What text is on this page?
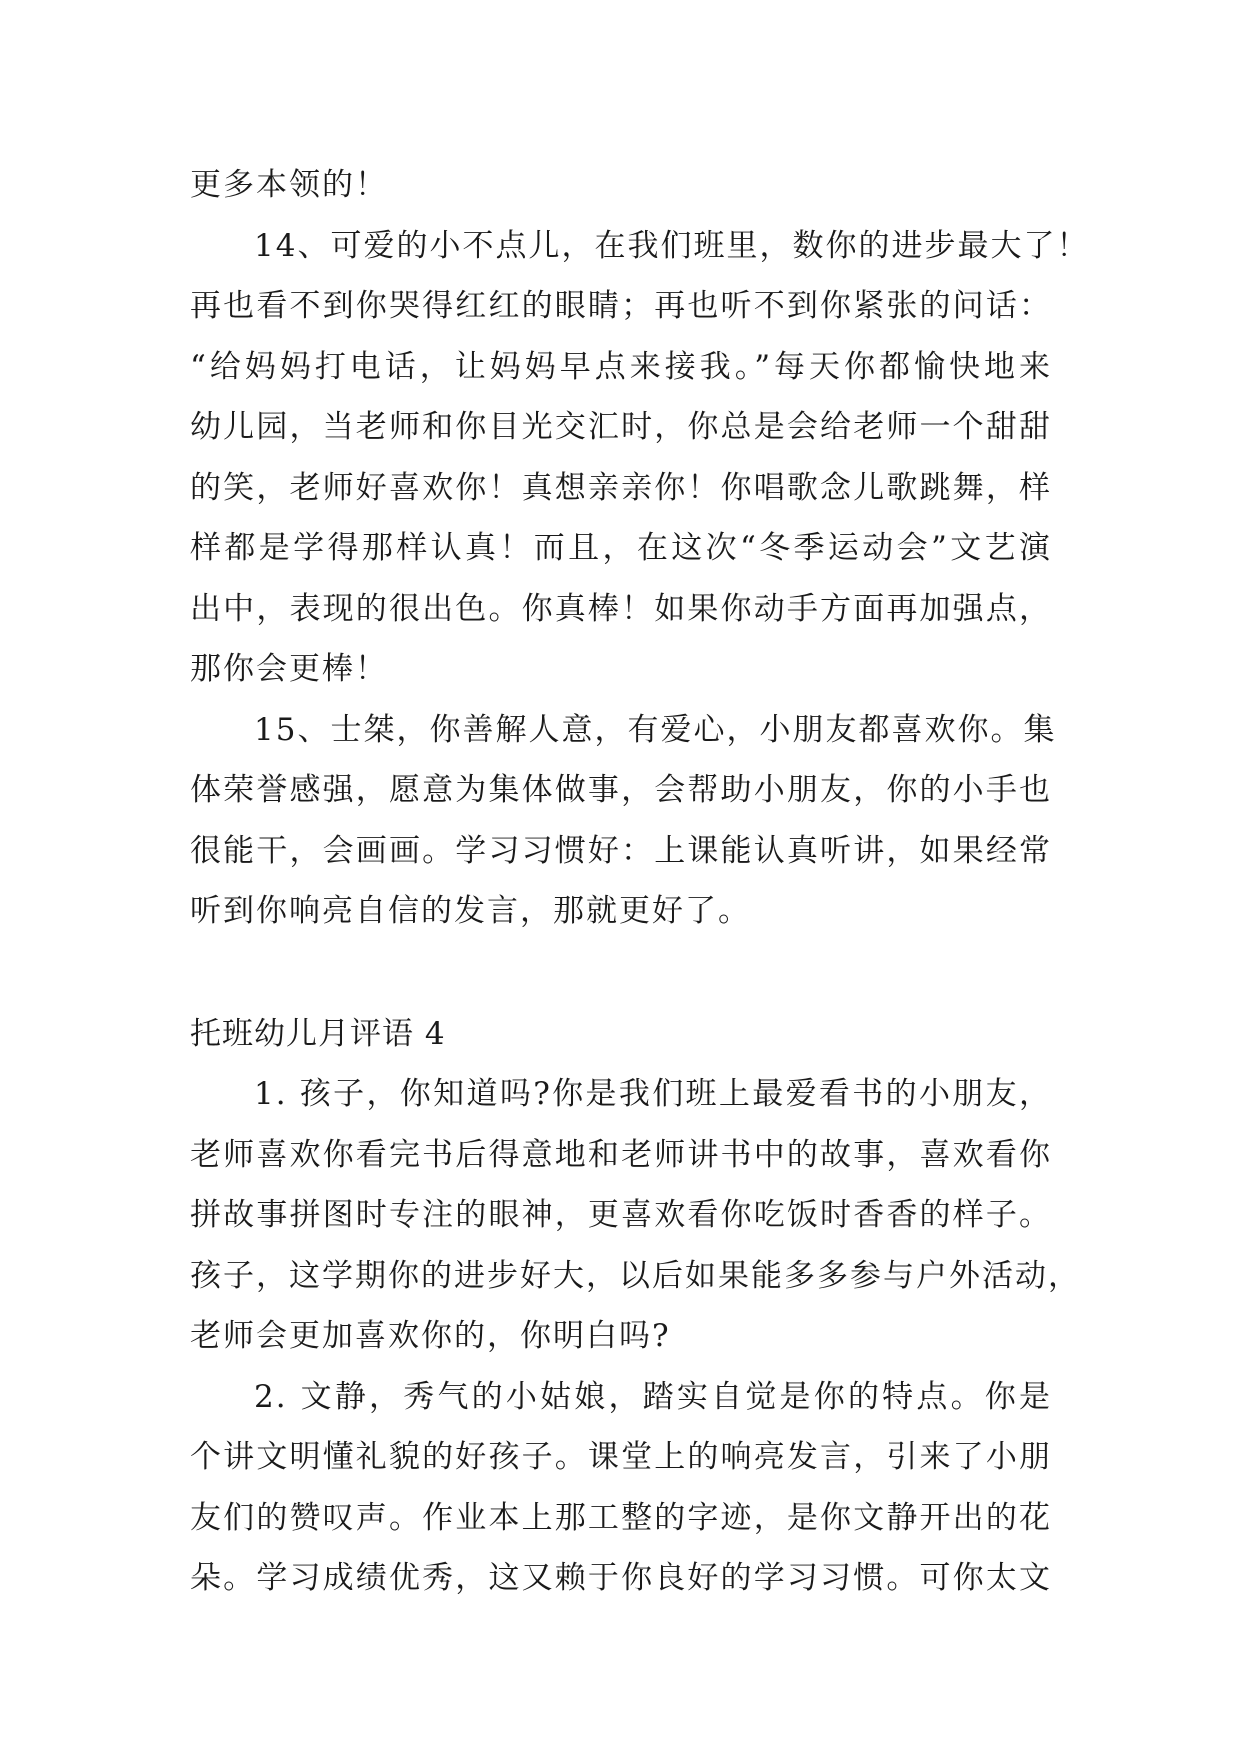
更多本领的！
14、可爱的小不点儿，在我们班里，数你的进步最大了！
再也看不到你哭得红红的眼睛；再也听不到你紧张的问话：
“给妈妈打电话，让妈妈早点来接我。”每天你都愉快地来
幼儿园，当老师和你目光交汇时，你总是会给老师一个甜甜
的笑，老师好喜欢你！真想亲亲你！你唱歌念儿歌跳舞，样
样都是学得那样认真！而且，在这次“冬季运动会”文艺演
出中，表现的很出色。你真棒！如果你动手方面再加强点，
那你会更棒！
15、士桀，你善解人意，有爱心，小朋友都喜欢你。集
体荣誉感强，愿意为集体做事，会帮助小朋友，你的小手也
很能干，会画画。学习习惯好：上课能认真听讲，如果经常
听到你响亮自信的发言，那就更好了。
托班幼儿月评语 4
1. 孩子，你知道吗?你是我们班上最爱看书的小朋友，
老师喜欢你看完书后得意地和老师讲书中的故事，喜欢看你
拼故事拼图时专注的眼神，更喜欢看你吃饭时香香的样子。
孩子，这学期你的进步好大，以后如果能多多参与户外活动，
老师会更加喜欢你的，你明白吗?
2. 文静，秀气的小姑娘，踏实自觉是你的特点。你是
个讲文明懂礼貌的好孩子。课堂上的响亮发言，引来了小朋
友们的赞叹声。作业本上那工整的字迹，是你文静开出的花
朵。学习成绩优秀，这又赖于你良好的学习习惯。可你太文
